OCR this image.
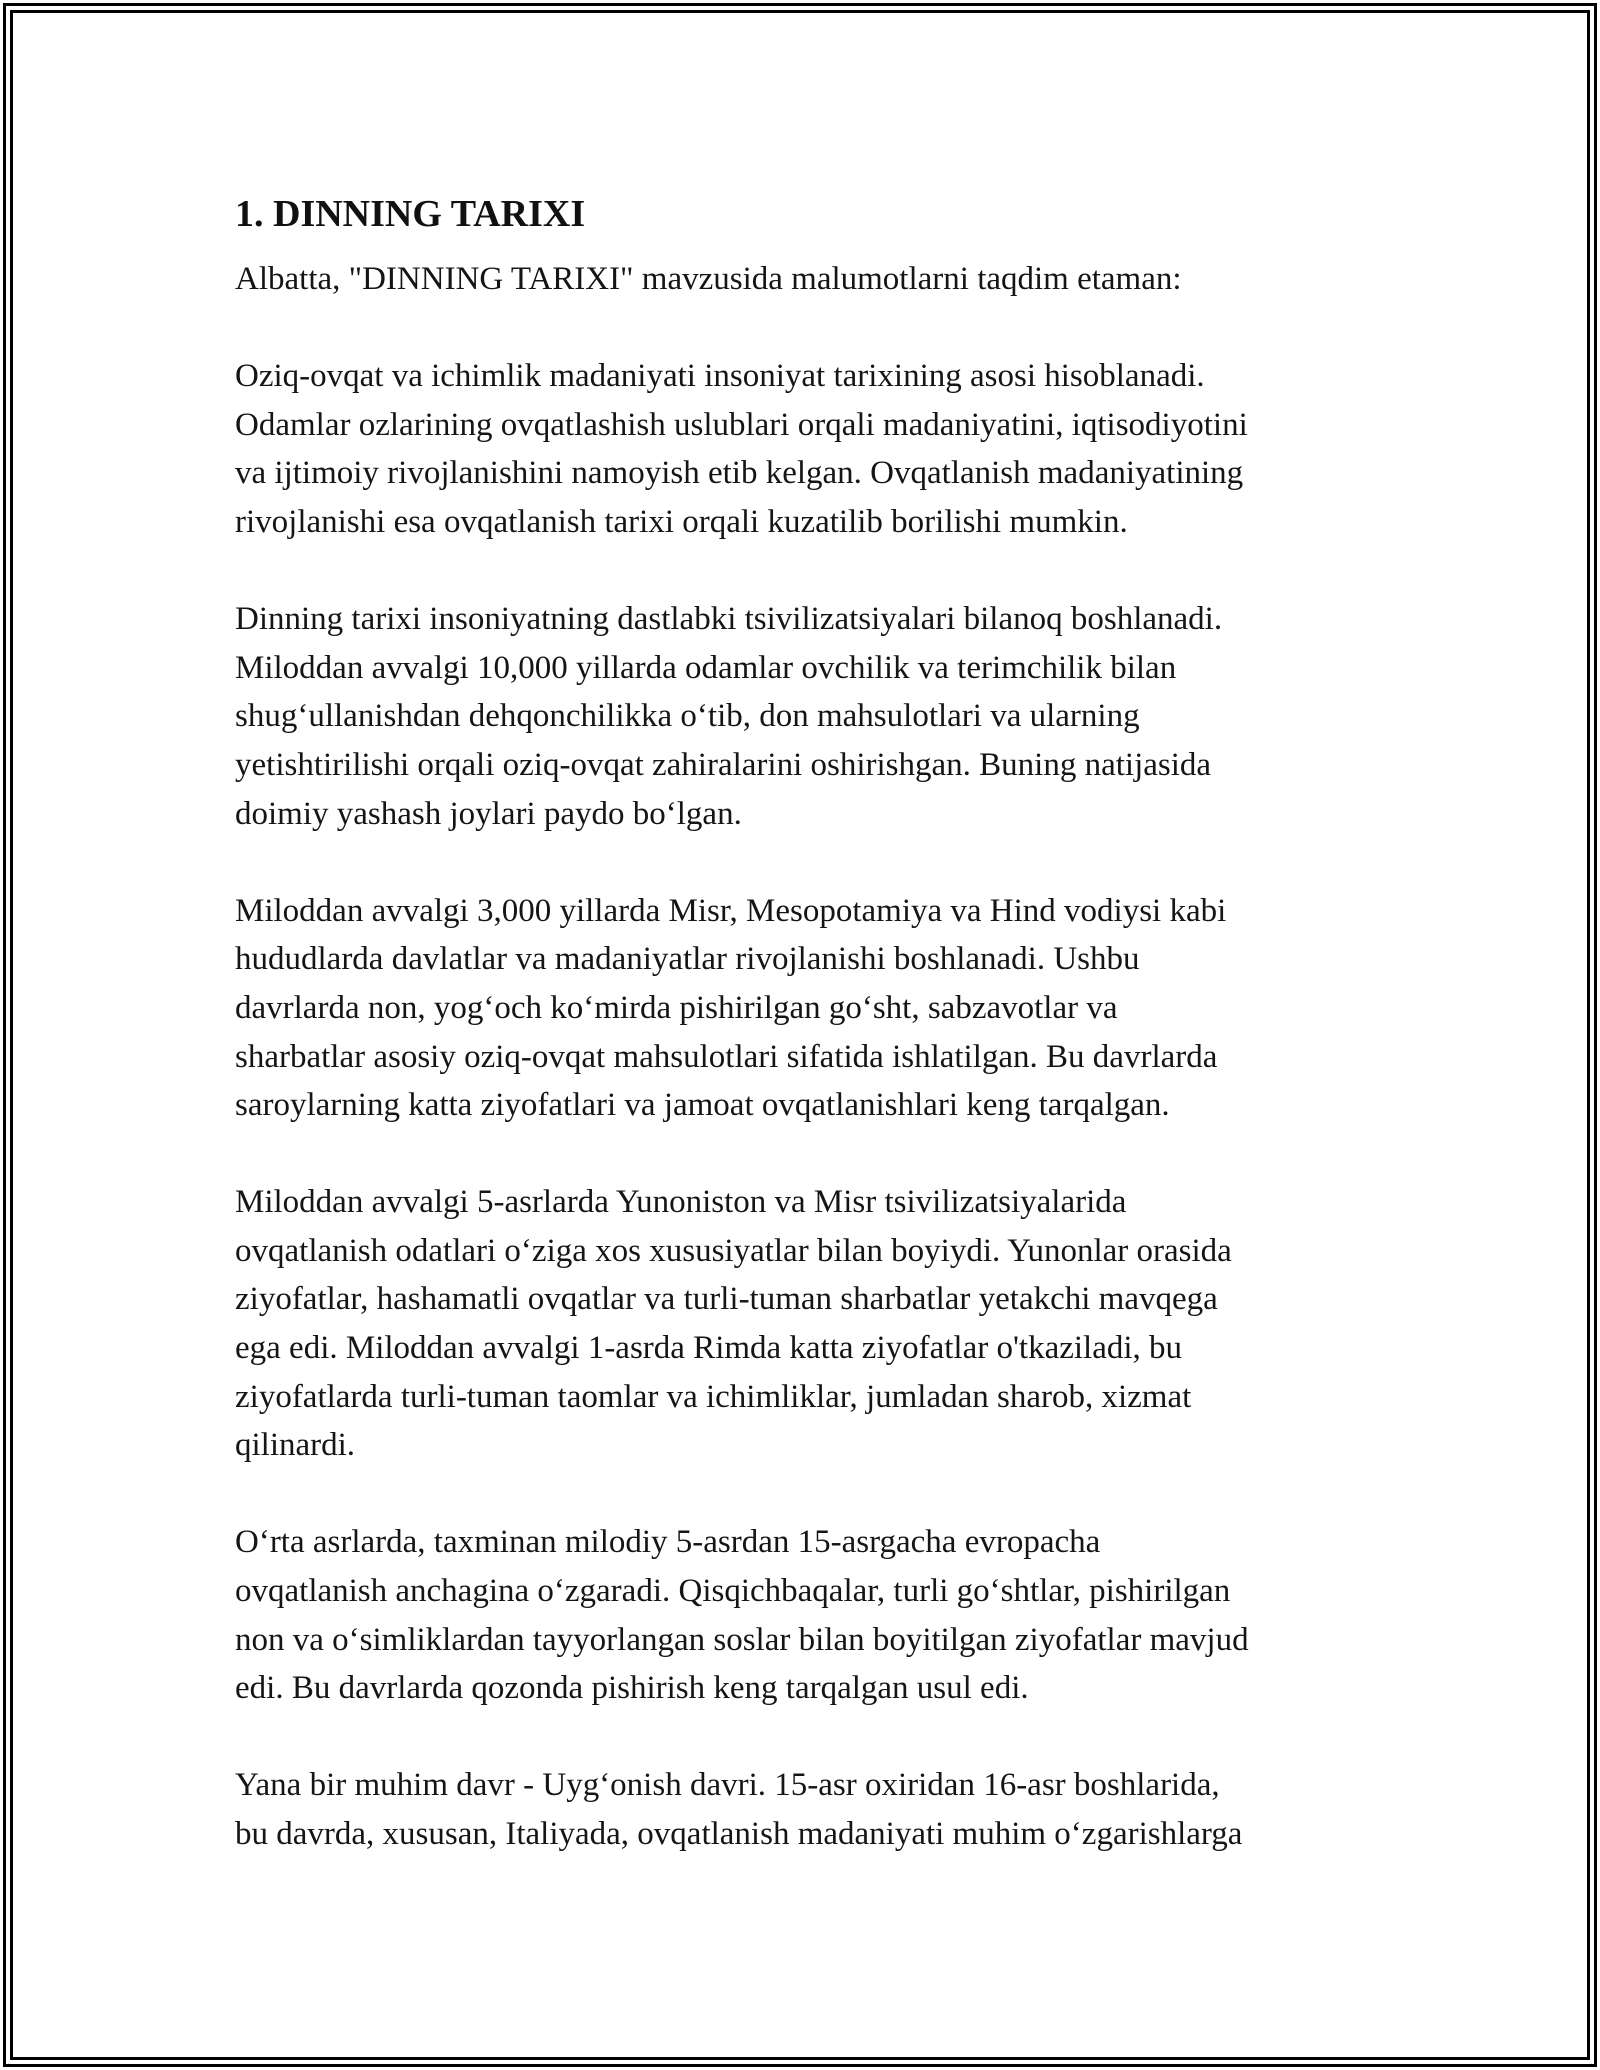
1. DINNING TARIXI

Albatta, "DINNING TARIXI" mavzusida malumotlarni taqdim etaman:

Oziq-ovqat va ichimlik madaniyati insoniyat tarixining asosi hisoblanadi.
Odamlar ozlarining ovqatlashish uslublari orqali madaniyatini, iqtisodiyotini
va ijtimoiy rivojlanishini namoyish etib kelgan. Ovqatlanish madaniyatining
rivojlanishi esa ovqatlanish tarixi orqali kuzatilib borilishi mumkin.

Dinning tarixi insoniyatning dastlabki tsivilizatsiyalari bilanoq boshlanadi.
Miloddan avvalgi 10,000 yillarda odamlar ovchilik va terimchilik bilan
shug‘ullanishdan dehqonchilikka o‘tib, don mahsulotlari va ularning
yetishtirilishi orqali oziq-ovqat zahiralarini oshirishgan. Buning natijasida
doimiy yashash joylari paydo bo‘lgan.

Miloddan avvalgi 3,000 yillarda Misr, Mesopotamiya va Hind vodiysi kabi
hududlarda davlatlar va madaniyatlar rivojlanishi boshlanadi. Ushbu
davrlarda non, yog‘och ko‘mirda pishirilgan go‘sht, sabzavotlar va
sharbatlar asosiy oziq-ovqat mahsulotlari sifatida ishlatilgan. Bu davrlarda
saroylarning katta ziyofatlari va jamoat ovqatlanishlari keng tarqalgan.

Miloddan avvalgi 5-asrlarda Yunoniston va Misr tsivilizatsiyalarida
ovqatlanish odatlari o‘ziga xos xususiyatlar bilan boyiydi. Yunonlar orasida
ziyofatlar, hashamatli ovqatlar va turli-tuman sharbatlar yetakchi mavqega
ega edi. Miloddan avvalgi 1-asrda Rimda katta ziyofatlar o'tkaziladi, bu
ziyofatlarda turli-tuman taomlar va ichimliklar, jumladan sharob, xizmat
qilinardi.

O‘rta asrlarda, taxminan milodiy 5-asrdan 15-asrgacha evropacha
ovqatlanish anchagina o‘zgaradi. Qisqichbaqalar, turli go‘shtlar, pishirilgan
non va o‘simliklardan tayyorlangan soslar bilan boyitilgan ziyofatlar mavjud
edi. Bu davrlarda qozonda pishirish keng tarqalgan usul edi.

Yana bir muhim davr - Uyg‘onish davri. 15-asr oxiridan 16-asr boshlarida,
bu davrda, xususan, Italiyada, ovqatlanish madaniyati muhim o‘zgarishlarga
